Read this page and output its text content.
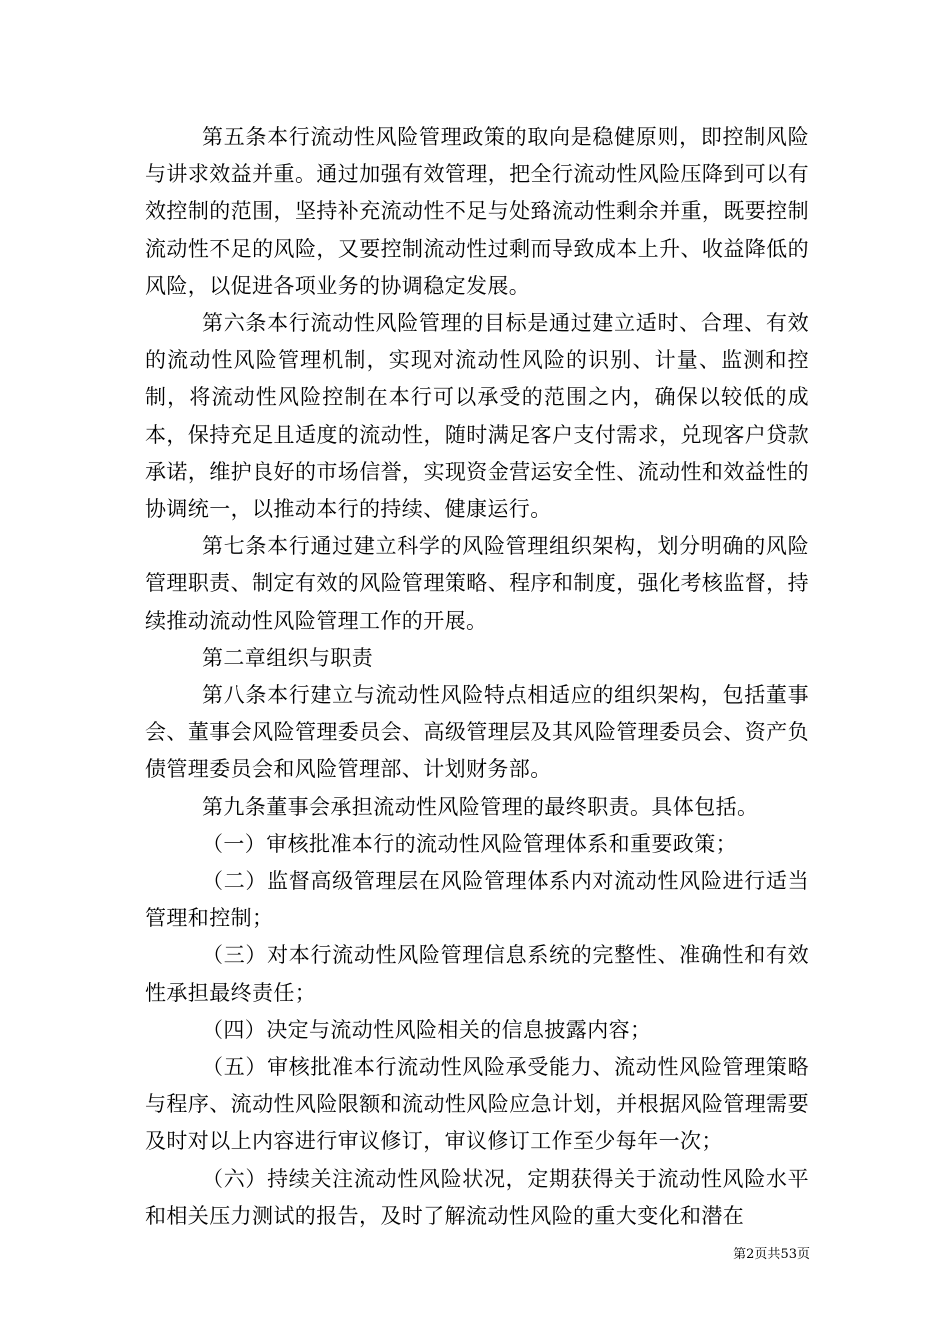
第五条本行流动性风险管理政策的取向是稳健原则，即控制风险与讲求效益并重。通过加强有效管理，把全行流动性风险压降到可以有效控制的范围，坚持补充流动性不足与处臵流动性剩余并重，既要控制流动性不足的风险，又要控制流动性过剩而导致成本上升、收益降低的风险，以促进各项业务的协调稳定发展。

第六条本行流动性风险管理的目标是通过建立适时、合理、有效的流动性风险管理机制，实现对流动性风险的识别、计量、监测和控制，将流动性风险控制在本行可以承受的范围之内，确保以较低的成本，保持充足且适度的流动性，随时满足客户支付需求，兑现客户贷款承诺，维护良好的市场信誉，实现资金营运安全性、流动性和效益性的协调统一，以推动本行的持续、健康运行。

第七条本行通过建立科学的风险管理组织架构，划分明确的风险管理职责、制定有效的风险管理策略、程序和制度，强化考核监督，持续推动流动性风险管理工作的开展。

第二章组织与职责

第八条本行建立与流动性风险特点相适应的组织架构，包括董事会、董事会风险管理委员会、高级管理层及其风险管理委员会、资产负债管理委员会和风险管理部、计划财务部。

第九条董事会承担流动性风险管理的最终职责。具体包括。

（一）审核批准本行的流动性风险管理体系和重要政策；

（二）监督高级管理层在风险管理体系内对流动性风险进行适当管理和控制；

（三）对本行流动性风险管理信息系统的完整性、准确性和有效性承担最终责任；

（四）决定与流动性风险相关的信息披露内容；

（五）审核批准本行流动性风险承受能力、流动性风险管理策略与程序、流动性风险限额和流动性风险应急计划，并根据风险管理需要及时对以上内容进行审议修订，审议修订工作至少每年一次；

（六）持续关注流动性风险状况，定期获得关于流动性风险水平和相关压力测试的报告，及时了解流动性风险的重大变化和潜在

第2页共53页
